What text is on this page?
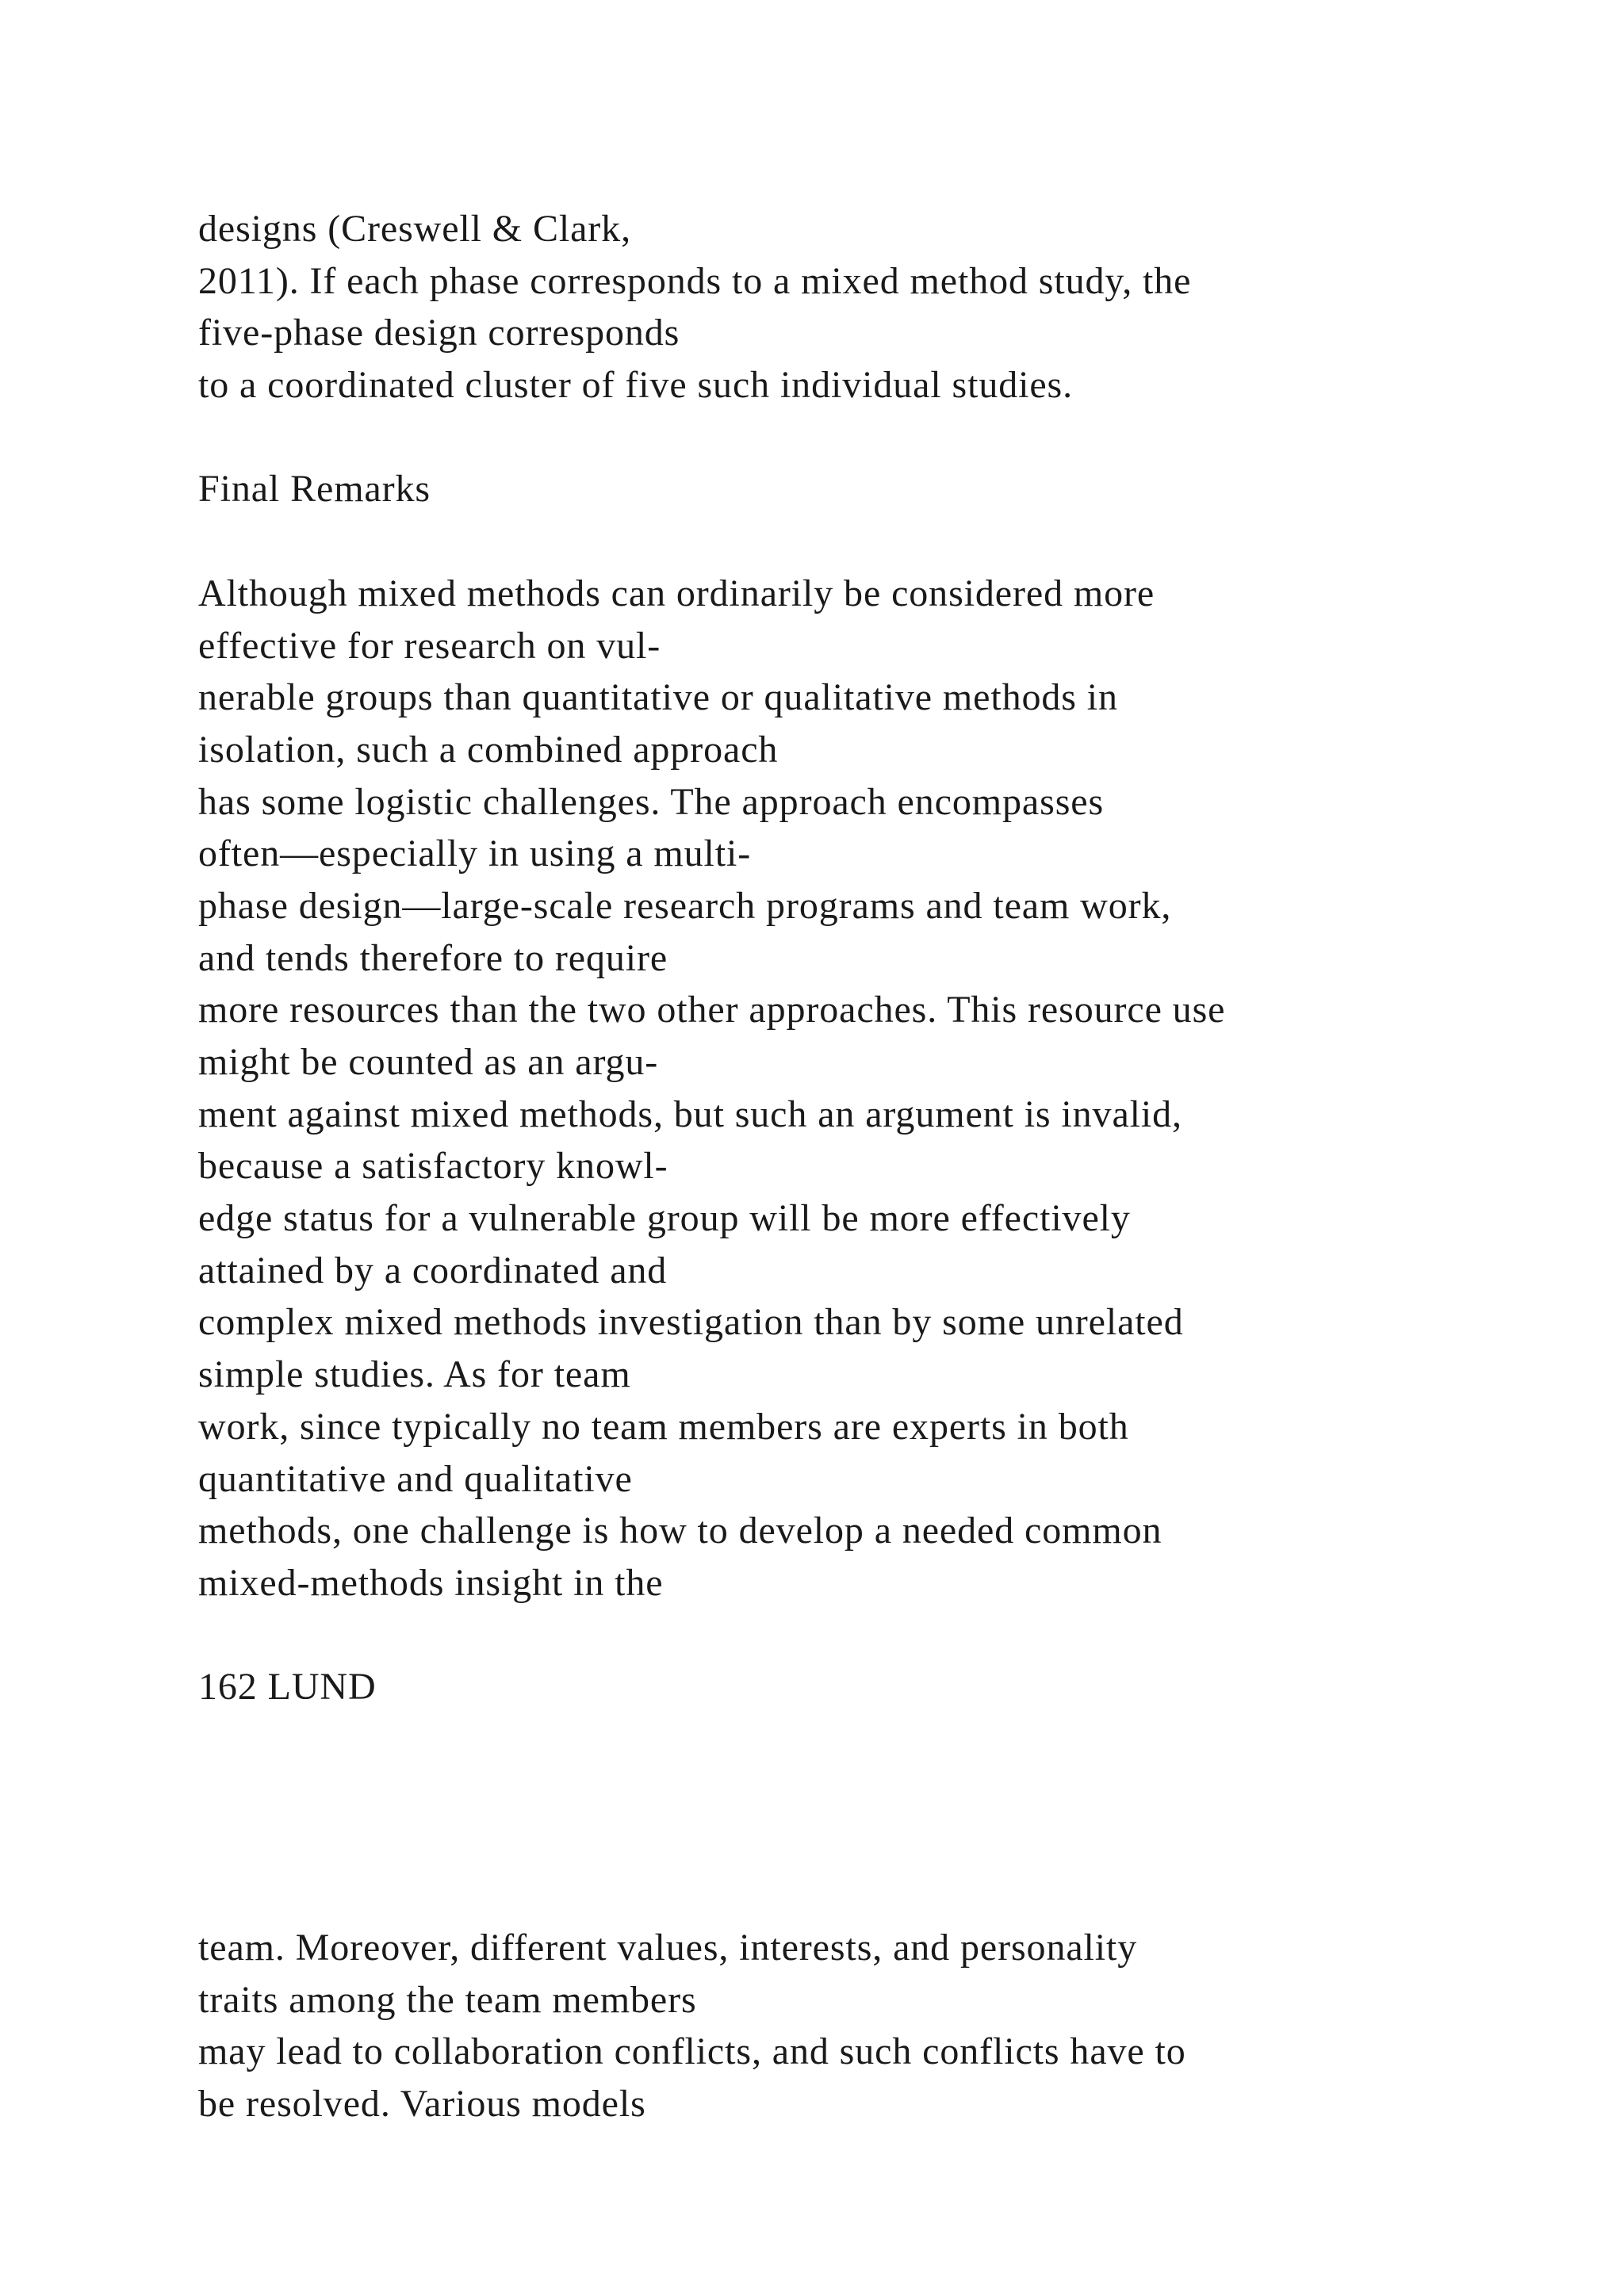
designs (Creswell & Clark,
2011). If each phase corresponds to a mixed method study, the
five-phase design corresponds
to a coordinated cluster of five such individual studies.
Final Remarks
Although mixed methods can ordinarily be considered more
effective for research on vul-
nerable groups than quantitative or qualitative methods in
isolation, such a combined approach
has some logistic challenges. The approach encompasses
often—especially in using a multi-
phase design—large-scale research programs and team work,
and tends therefore to require
more resources than the two other approaches. This resource use
might be counted as an argu-
ment against mixed methods, but such an argument is invalid,
because a satisfactory knowl-
edge status for a vulnerable group will be more effectively
attained by a coordinated and
complex mixed methods investigation than by some unrelated
simple studies. As for team
work, since typically no team members are experts in both
quantitative and qualitative
methods, one challenge is how to develop a needed common
mixed-methods insight in the
162 LUND
team. Moreover, different values, interests, and personality
traits among the team members
may lead to collaboration conflicts, and such conflicts have to
be resolved. Various models
